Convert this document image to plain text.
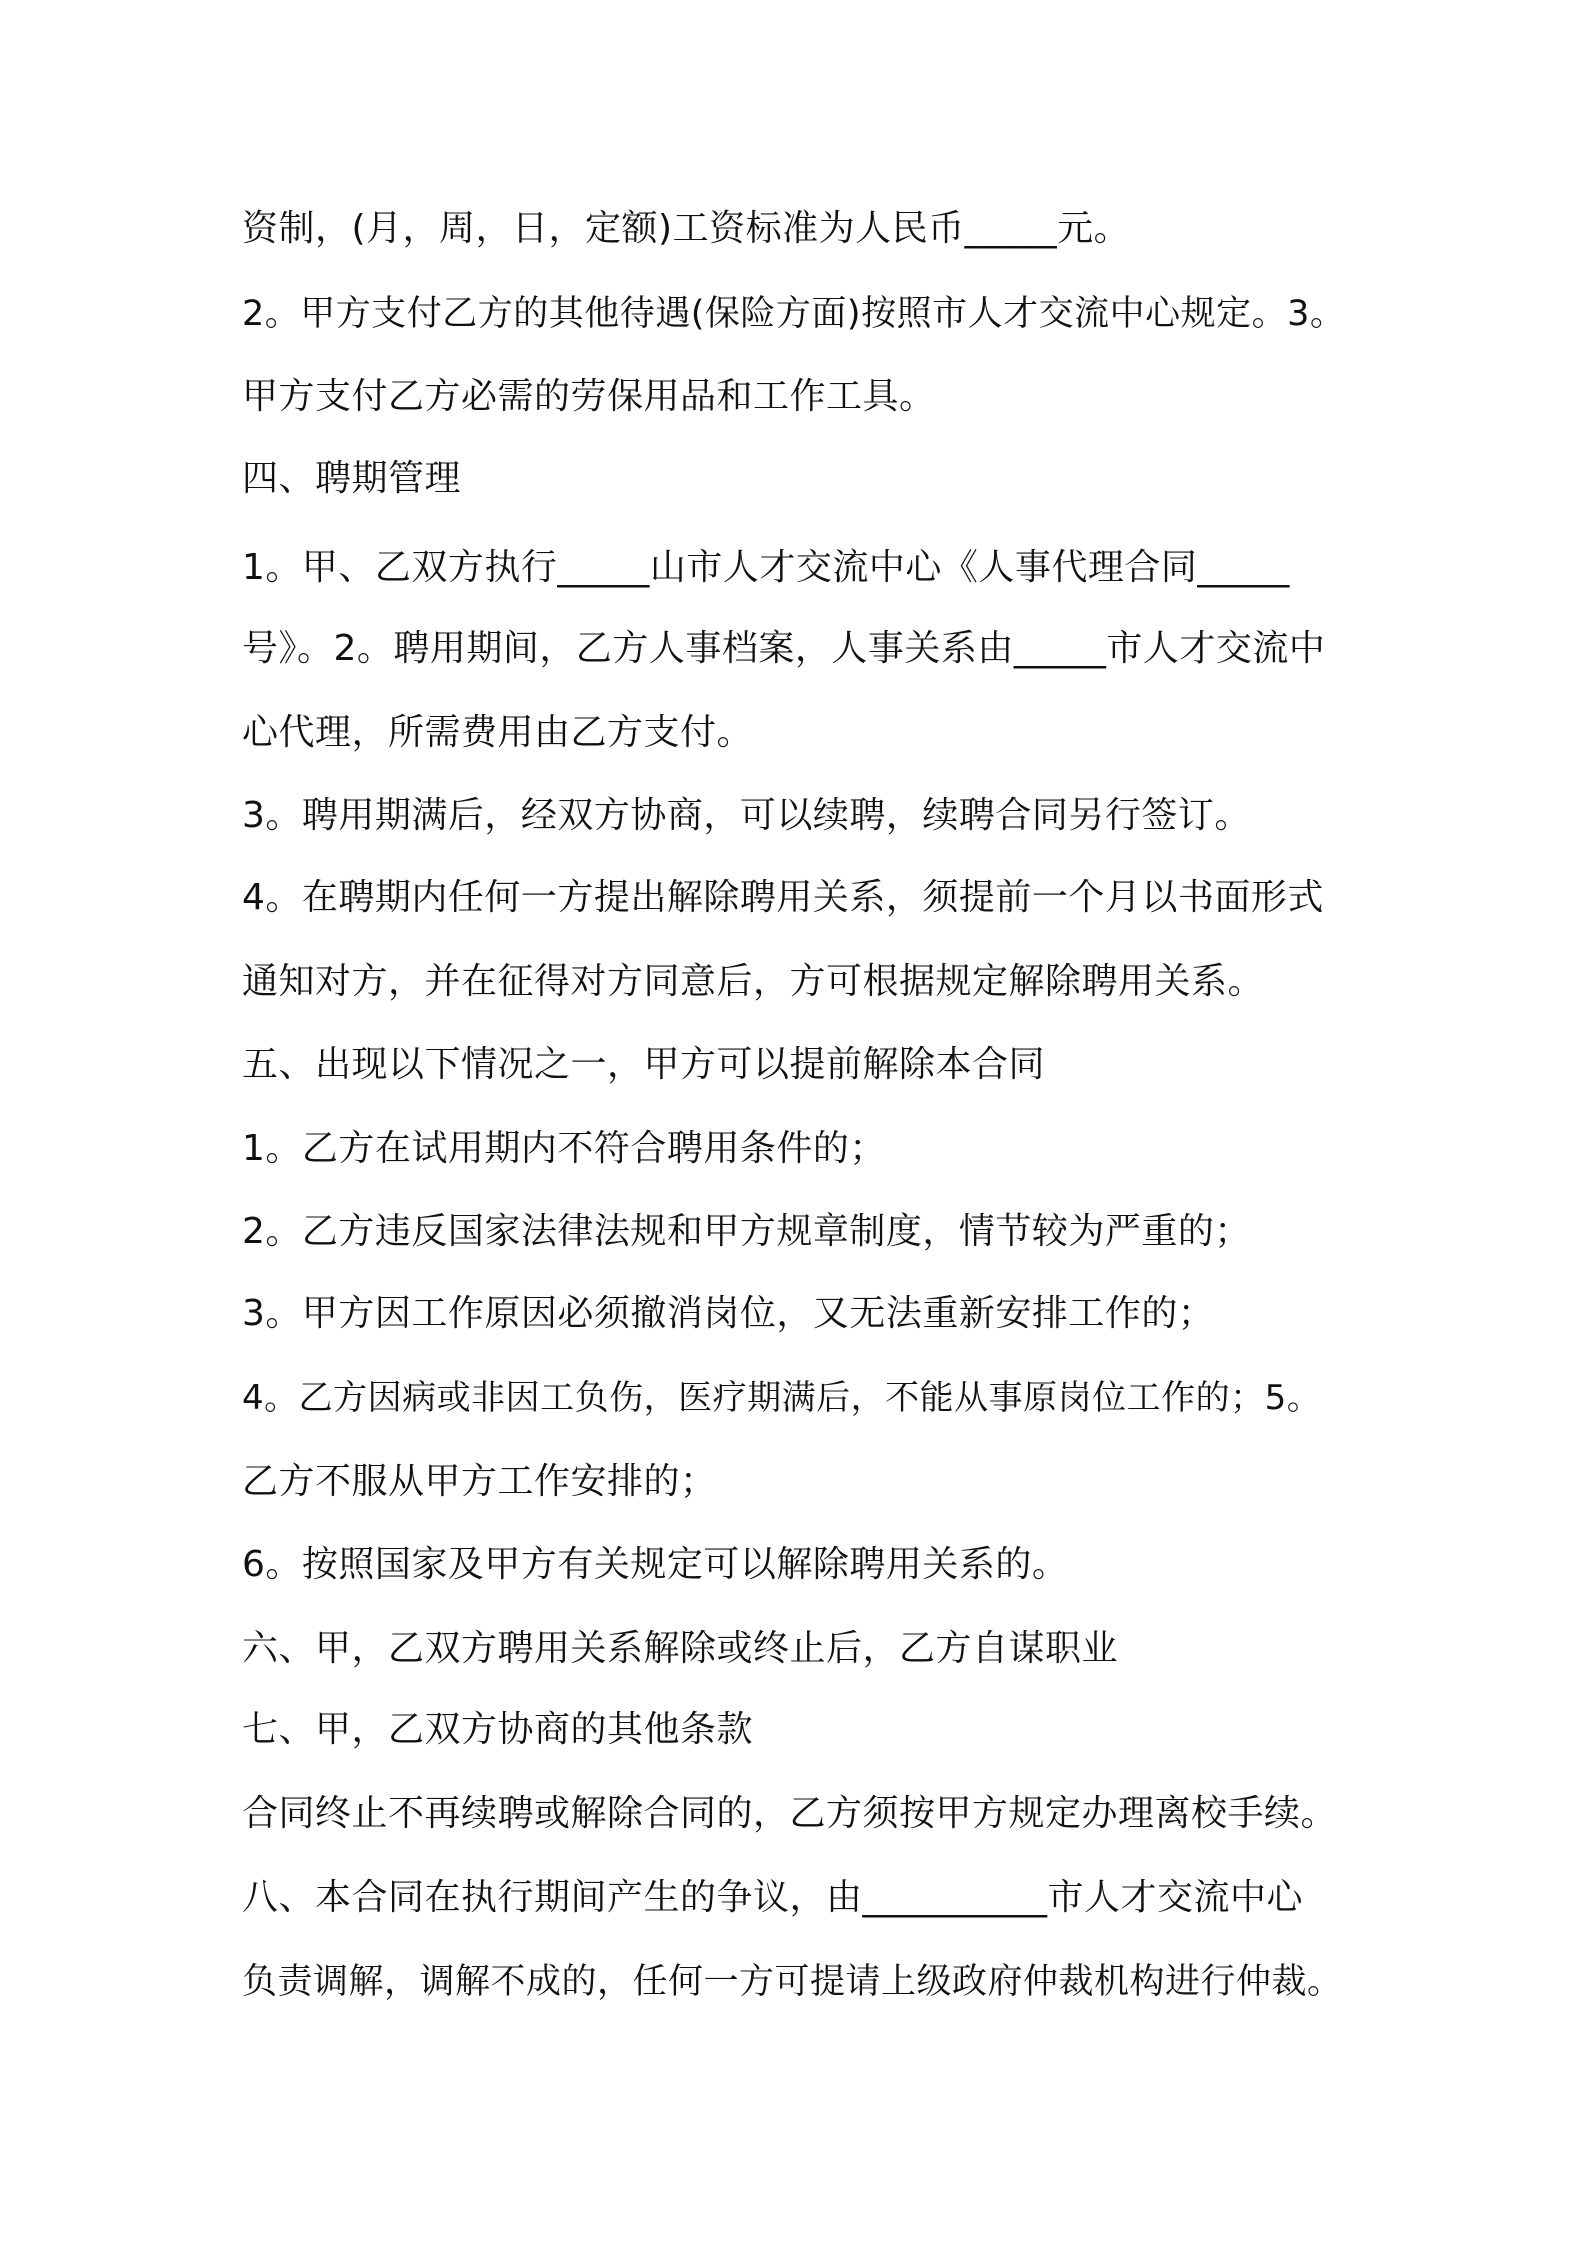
资制，(月，周，日，定额)工资标准为人民币_____元。
2。甲方支付乙方的其他待遇(保险方面)按照市人才交流中心规定。3。
甲方支付乙方必需的劳保用品和工作工具。
四、聘期管理
1。甲、乙双方执行_____山市人才交流中心《人事代理合同_____
号》。2。聘用期间，乙方人事档案，人事关系由_____市人才交流中
心代理，所需费用由乙方支付。
3。聘用期满后，经双方协商，可以续聘，续聘合同另行签订。
4。在聘期内任何一方提出解除聘用关系，须提前一个月以书面形式
通知对方，并在征得对方同意后，方可根据规定解除聘用关系。
五、出现以下情况之一，甲方可以提前解除本合同
1。乙方在试用期内不符合聘用条件的；
2。乙方违反国家法律法规和甲方规章制度，情节较为严重的；
3。甲方因工作原因必须撤消岗位，又无法重新安排工作的；
4。乙方因病或非因工负伤，医疗期满后，不能从事原岗位工作的；5。
乙方不服从甲方工作安排的；
6。按照国家及甲方有关规定可以解除聘用关系的。
六、甲，乙双方聘用关系解除或终止后，乙方自谋职业
七、甲，乙双方协商的其他条款
合同终止不再续聘或解除合同的，乙方须按甲方规定办理离校手续。
八、本合同在执行期间产生的争议，由__________市人才交流中心
负责调解，调解不成的，任何一方可提请上级政府仲裁机构进行仲裁。
